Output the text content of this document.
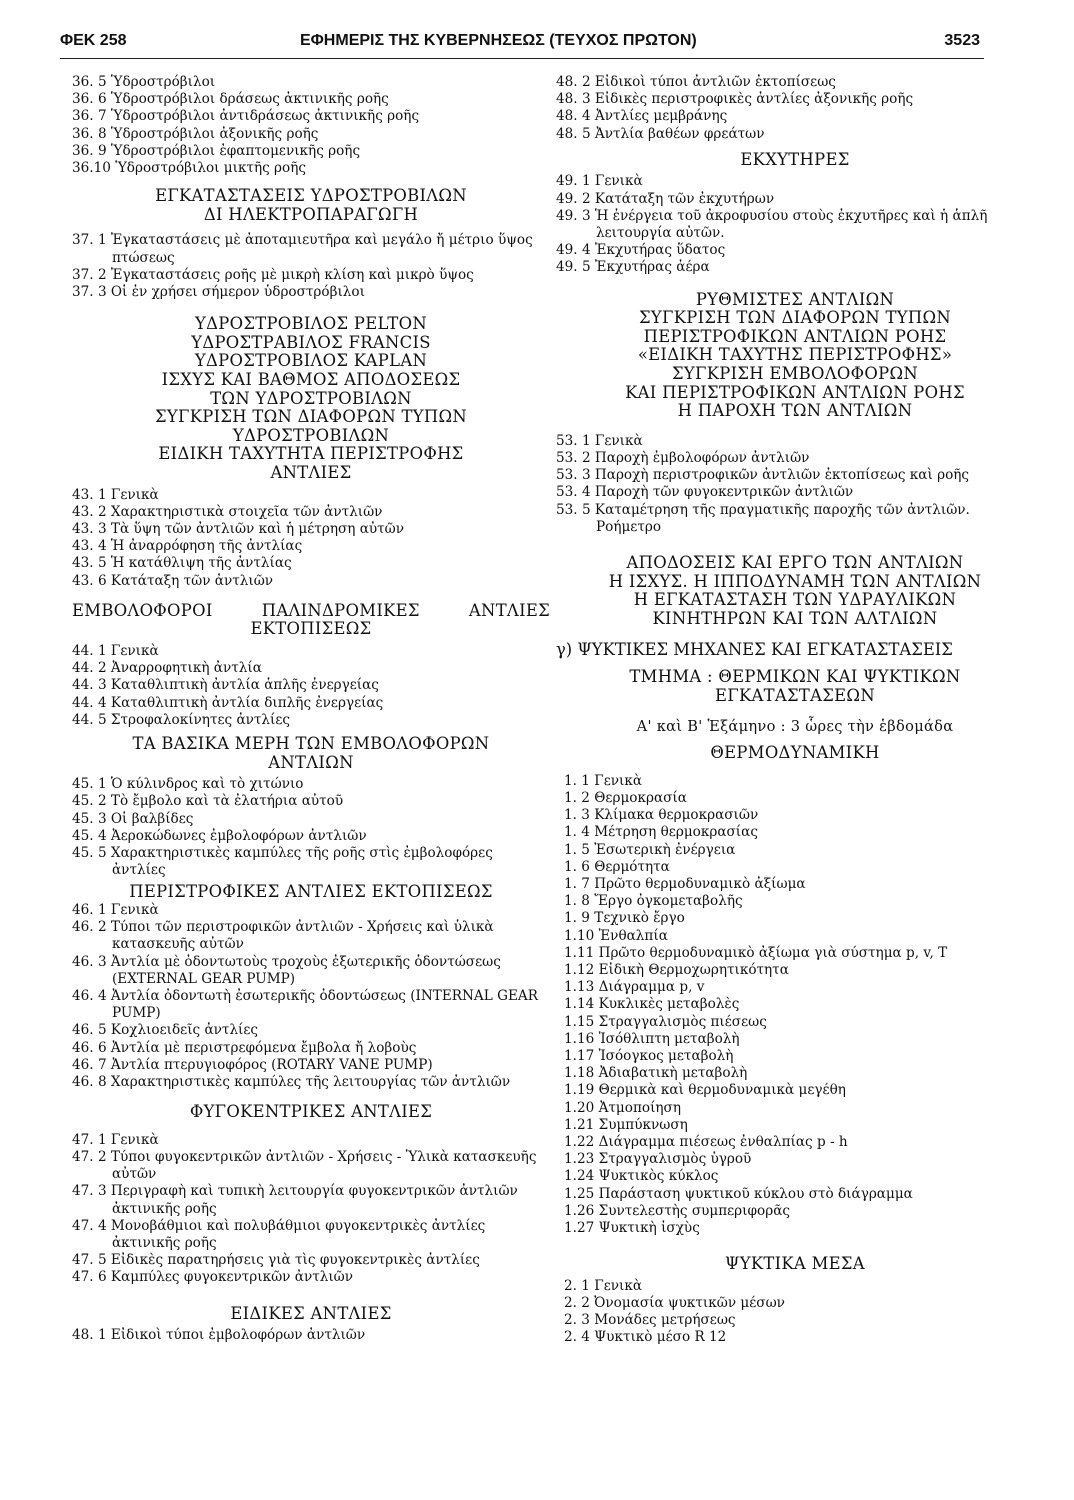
ΦΕΚ 258	ΕΦΗΜΕΡΙΣ ΤΗΣ ΚΥΒΕΡΝΗΣΕΩΣ (ΤΕΥΧΟΣ ΠΡΩΤΟΝ)	3523

36. 5 Ὑδροστρόβιλοι

36. 6 Ὑδροστρόβιλοι δράσεως ἀκτινικῆς ροῆς

36. 7 Ὑδροστρόβιλοι ἀντιδράσεως ἀκτινικῆς ροῆς

36. 8 Ὑδροστρόβιλοι ἀξονικῆς ροῆς

36. 9 Ὑδροστρόβιλοι ἐφαπτομενικῆς ροῆς

36.10 Ὑδροστρόβιλοι μικτῆς ροῆς

ΕΓΚΑΤΑΣΤΑΣΕΙΣ ΥΔΡΟΣΤΡΟΒΙΛΩΝ

ΔΙ ΗΛΕΚΤΡΟΠΑΡΑΓΩΓΗ

37. 1 Ἐγκαταστάσεις μὲ ἀποταμιευτῆρα καὶ μεγάλο ἤ μέτριο ὕψος πτώσεως

37. 2 Ἐγκαταστάσεις ροῆς μὲ μικρὴ κλίση καὶ μικρὸ ὕψος

37. 3 Οἱ ἐν χρήσει σήμερον ὑδροστρόβιλοι

ΥΔΡΟΣΤΡΟΒΙΛΟΣ PELTON

ΥΔΡΟΣΤΡΑΒΙΛΟΣ FRANCIS

ΥΔΡΟΣΤΡΟΒΙΛΟΣ KAPLAN

ΙΣΧΥΣ ΚΑΙ ΒΑΘΜΟΣ ΑΠΟΔΟΣΕΩΣ

ΤΩΝ ΥΔΡΟΣΤΡΟΒΙΛΩΝ

ΣΥΓΚΡΙΣΗ ΤΩΝ ΔΙΑΦΟΡΩΝ ΤΥΠΩΝ

ΥΔΡΟΣΤΡΟΒΙΛΩΝ

ΕΙΔΙΚΗ ΤΑΧΥΤΗΤΑ ΠΕΡΙΣΤΡΟΦΗΣ

ΑΝΤΛΙΕΣ

43. 1 Γενικὰ

43. 2 Χαρακτηριστικὰ στοιχεῖα τῶν ἀντλιῶν

43. 3 Τὰ ὕψη τῶν ἀντλιῶν καὶ ἡ μέτρηση αὐτῶν

43. 4 Ἡ ἀναρρόφηση τῆς ἀντλίας

43. 5 Ἡ κατάθλιψη τῆς ἀντλίας

43. 6 Κατάταξη τῶν ἀντλιῶν

ΕΜΒΟΛΟΦΟΡΟΙ	ΠΑΛΙΝΔΡΟΜΙΚΕΣ	ΑΝΤΛΙΕΣ

ΕΚΤΟΠΙΣΕΩΣ

44. 1 Γενικὰ

44. 2 Ἀναρροφητικὴ ἀντλία

44. 3 Καταθλιπτικὴ ἀντλία ἁπλῆς ἐνεργείας

44. 4 Καταθλιπτικὴ ἀντλία διπλῆς ἐνεργείας

44. 5 Στροφαλοκίνητες ἀντλίες

ΤΑ ΒΑΣΙΚΑ ΜΕΡΗ ΤΩΝ ΕΜΒΟΛΟΦΟΡΩΝ

ΑΝΤΛΙΩΝ

45. 1 Ὁ κύλινδρος καὶ τὸ χιτώνιο

45. 2 Τὸ ἔμβολο καὶ τὰ ἐλατήρια αὐτοῦ

45. 3 Οἱ βαλβίδες

45. 4 Ἀεροκώδωνες ἐμβολοφόρων ἀντλιῶν

45. 5 Χαρακτηριστικὲς καμπύλες τῆς ροῆς στὶς ἐμβολοφόρες ἀντλίες

ΠΕΡΙΣΤΡΟΦΙΚΕΣ ΑΝΤΛΙΕΣ ΕΚΤΟΠΙΣΕΩΣ

46. 1 Γενικὰ

46. 2 Τύποι τῶν περιστροφικῶν ἀντλιῶν - Χρήσεις καὶ ὑλικὰ κατασκευῆς αὐτῶν

46. 3 Ἀντλία μὲ ὀδοντωτοὺς τροχοὺς ἐξωτερικῆς ὀδοντώσεως (EXTERNAL GEAR PUMP)

46. 4 Ἀντλία ὀδοντωτὴ ἐσωτερικῆς ὀδοντώσεως (INTERNAL GEAR PUMP)

46. 5 Κοχλιοειδεῖς ἀντλίες

46. 6 Ἀντλία μὲ περιστρεφόμενα ἔμβολα ἤ λοβοὺς

46. 7 Ἀντλία πτερυγιοφόρος (ROTARY VANE PUMP)

46. 8 Χαρακτηριστικὲς καμπύλες τῆς λειτουργίας τῶν ἀντλιῶν

ΦΥΓΟΚΕΝΤΡΙΚΕΣ ΑΝΤΛΙΕΣ

47. 1 Γενικὰ

47. 2 Τύποι φυγοκεντρικῶν ἀντλιῶν - Χρήσεις - Ὑλικὰ κατασκευῆς αὐτῶν

47. 3 Περιγραφὴ καὶ τυπικὴ λειτουργία φυγοκεντρικῶν ἀντλιῶν ἀκτινικῆς ροῆς

47. 4 Μονοβάθμιοι καὶ πολυβάθμιοι φυγοκεντρικὲς ἀντλίες ἀκτινικῆς ροῆς

47. 5 Εἰδικὲς παρατηρήσεις γιὰ τὶς φυγοκεντρικὲς ἀντλίες

47. 6 Καμπύλες φυγοκεντρικῶν ἀντλιῶν

ΕΙΔΙΚΕΣ ΑΝΤΛΙΕΣ

48. 1 Εἰδικοὶ τύποι ἐμβολοφόρων ἀντλιῶν

48. 2 Εἰδικοὶ τύποι ἀντλιῶν ἐκτοπίσεως

48. 3 Εἰδικὲς περιστροφικὲς ἀντλίες ἀξονικῆς ροῆς

48. 4 Ἀντλίες μεμβράνης

48. 5 Ἀντλία βαθέων φρεάτων

ΕΚΧΥΤΗΡΕΣ

49. 1 Γενικὰ

49. 2 Κατάταξη τῶν ἐκχυτήρων

49. 3 Ἡ ἐνέργεια τοῦ ἀκροφυσίου στοὺς ἐκχυτῆρες καὶ ἡ ἁπλῆ λειτουργία αὐτῶν.

49. 4 Ἐκχυτήρας ὕδατος

49. 5 Ἐκχυτήρας ἀέρα

ΡΥΘΜΙΣΤΕΣ ΑΝΤΛΙΩΝ

ΣΥΓΚΡΙΣΗ ΤΩΝ ΔΙΑΦΟΡΩΝ ΤΥΠΩΝ

ΠΕΡΙΣΤΡΟΦΙΚΩΝ ΑΝΤΛΙΩΝ ΡΟΗΣ

«ΕΙΔΙΚΗ ΤΑΧΥΤΗΣ ΠΕΡΙΣΤΡΟΦΗΣ»

ΣΥΓΚΡΙΣΗ ΕΜΒΟΛΟΦΟΡΩΝ

ΚΑΙ ΠΕΡΙΣΤΡΟΦΙΚΩΝ ΑΝΤΛΙΩΝ ΡΟΗΣ

Η ΠΑΡΟΧΗ ΤΩΝ ΑΝΤΛΙΩΝ

53. 1 Γενικὰ

53. 2 Παροχὴ ἐμβολοφόρων ἀντλιῶν

53. 3 Παροχὴ περιστροφικῶν ἀντλιῶν ἐκτοπίσεως καὶ ροῆς

53. 4 Παροχὴ τῶν φυγοκεντρικῶν ἀντλιῶν

53. 5 Καταμέτρηση τῆς πραγματικῆς παροχῆς τῶν ἀντλιῶν. Ροήμετρο

ΑΠΟΔΟΣΕΙΣ ΚΑΙ ΕΡΓΟ ΤΩΝ ΑΝΤΛΙΩΝ

Η ΙΣΧΥΣ. Η ΙΠΠΟΔΥΝΑΜΗ ΤΩΝ ΑΝΤΛΙΩΝ

Η ΕΓΚΑΤΑΣΤΑΣΗ ΤΩΝ ΥΔΡΑΥΛΙΚΩΝ

ΚΙΝΗΤΗΡΩΝ ΚΑΙ ΤΩΝ ΑΛΤΛΙΩΝ

γ) ΨΥΚΤΙΚΕΣ ΜΗΧΑΝΕΣ ΚΑΙ ΕΓΚΑΤΑΣΤΑΣΕΙΣ

ΤΜΗΜΑ : ΘΕΡΜΙΚΩΝ ΚΑΙ ΨΥΚΤΙΚΩΝ

ΕΓΚΑΤΑΣΤΑΣΕΩΝ

Α' καὶ Β' Ἑξάμηνο : 3 ὧρες τὴν ἑβδομάδα

ΘΕΡΜΟΔΥΝΑΜΙΚΗ

1. 1 Γενικὰ

1. 2 Θερμοκρασία

1. 3 Κλίμακα θερμοκρασιῶν

1. 4 Μέτρηση θερμοκρασίας

1. 5 Ἐσωτερικὴ ἐνέργεια

1. 6 Θερμότητα

1. 7 Πρῶτο θερμοδυναμικὸ ἀξίωμα

1. 8 Ἔργο ὀγκομεταβολῆς

1. 9 Τεχνικὸ ἔργο

1.10 Ἐνθαλπία

1.11 Πρῶτο θερμοδυναμικὸ ἀξίωμα γιὰ σύστημα p, v, T

1.12 Εἰδικὴ Θερμοχωρητικότητα

1.13 Διάγραμμα p, v

1.14 Κυκλικὲς μεταβολὲς

1.15 Στραγγαλισμὸς πιέσεως

1.16 Ἰσόθλιπτη μεταβολὴ

1.17 Ἰσόογκος μεταβολὴ

1.18 Ἀδιαβατικὴ μεταβολὴ

1.19 Θερμικὰ καὶ θερμοδυναμικὰ μεγέθη

1.20 Ἀτμοποίηση

1.21 Συμπύκνωση

1.22 Διάγραμμα πιέσεως ἐνθαλπίας p - h

1.23 Στραγγαλισμὸς ὑγροῦ

1.24 Ψυκτικὸς κύκλος

1.25 Παράσταση ψυκτικοῦ κύκλου στὸ διάγραμμα

1.26 Συντελεστὴς συμπεριφορᾶς

1.27 Ψυκτικὴ ἰσχὺς

ΨΥΚΤΙΚΑ ΜΕΣΑ

2. 1 Γενικὰ

2. 2 Ὀνομασία ψυκτικῶν μέσων

2. 3 Μονάδες μετρήσεως

2. 4 Ψυκτικὸ μέσο R 12
